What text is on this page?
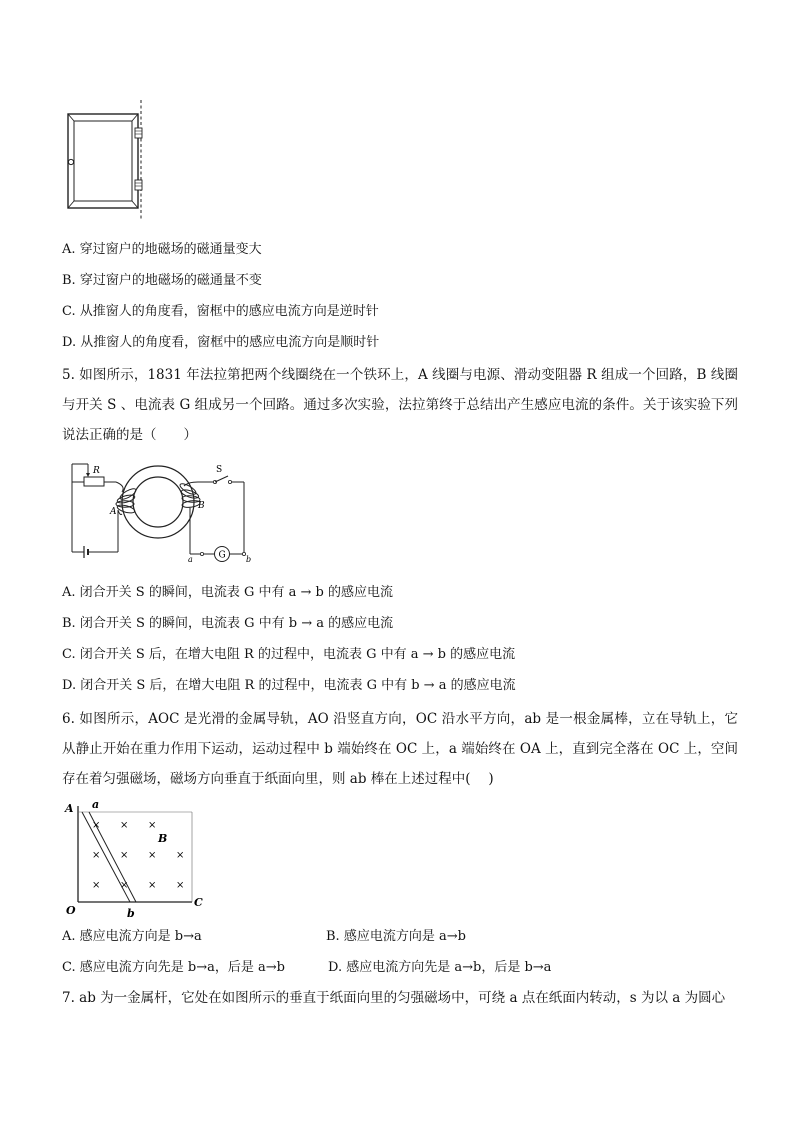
A. 穿过窗户的地磁场的磁通量变大
B. 穿过窗户的地磁场的磁通量不变
C. 从推窗人的角度看，窗框中的感应电流方向是逆时针
D. 从推窗人的角度看，窗框中的感应电流方向是顺时针
5. 如图所示，1831 年法拉第把两个线圈绕在一个铁环上，A 线圈与电源、滑动变阻器 R 组成一个回路，B 线圈与开关 S 、电流表 G 组成另一个回路。通过多次实验，法拉第终于总结出产生感应电流的条件。关于该实验下列说法正确的是（　　）
R
A
B
S
a	G	b
A. 闭合开关 S 的瞬间，电流表 G 中有 a → b 的感应电流
B. 闭合开关 S 的瞬间，电流表 G 中有 b → a 的感应电流
C. 闭合开关 S 后，在增大电阻 R 的过程中，电流表 G 中有 a → b 的感应电流
D. 闭合开关 S 后，在增大电阻 R 的过程中，电流表 G 中有 b → a 的感应电流
6. 如图所示，AOC 是光滑的金属导轨，AO 沿竖直方向，OC 沿水平方向，ab 是一根金属棒，立在导轨上，它从静止开始在重力作用下运动，运动过程中 b 端始终在 OC 上，a 端始终在 OA 上，直到完全落在 OC 上，空间存在着匀强磁场，磁场方向垂直于纸面向里，则 ab 棒在上述过程中(　 )
A a
B
O	b
C
× × ×
× × × ×
× × × ×
A. 感应电流方向是 b→a	B. 感应电流方向是 a→b
C. 感应电流方向先是 b→a，后是 a→b	D. 感应电流方向先是 a→b，后是 b→a
7. ab 为一金属杆，它处在如图所示的垂直于纸面向里的匀强磁场中，可绕 a 点在纸面内转动，s 为以 a 为圆心
